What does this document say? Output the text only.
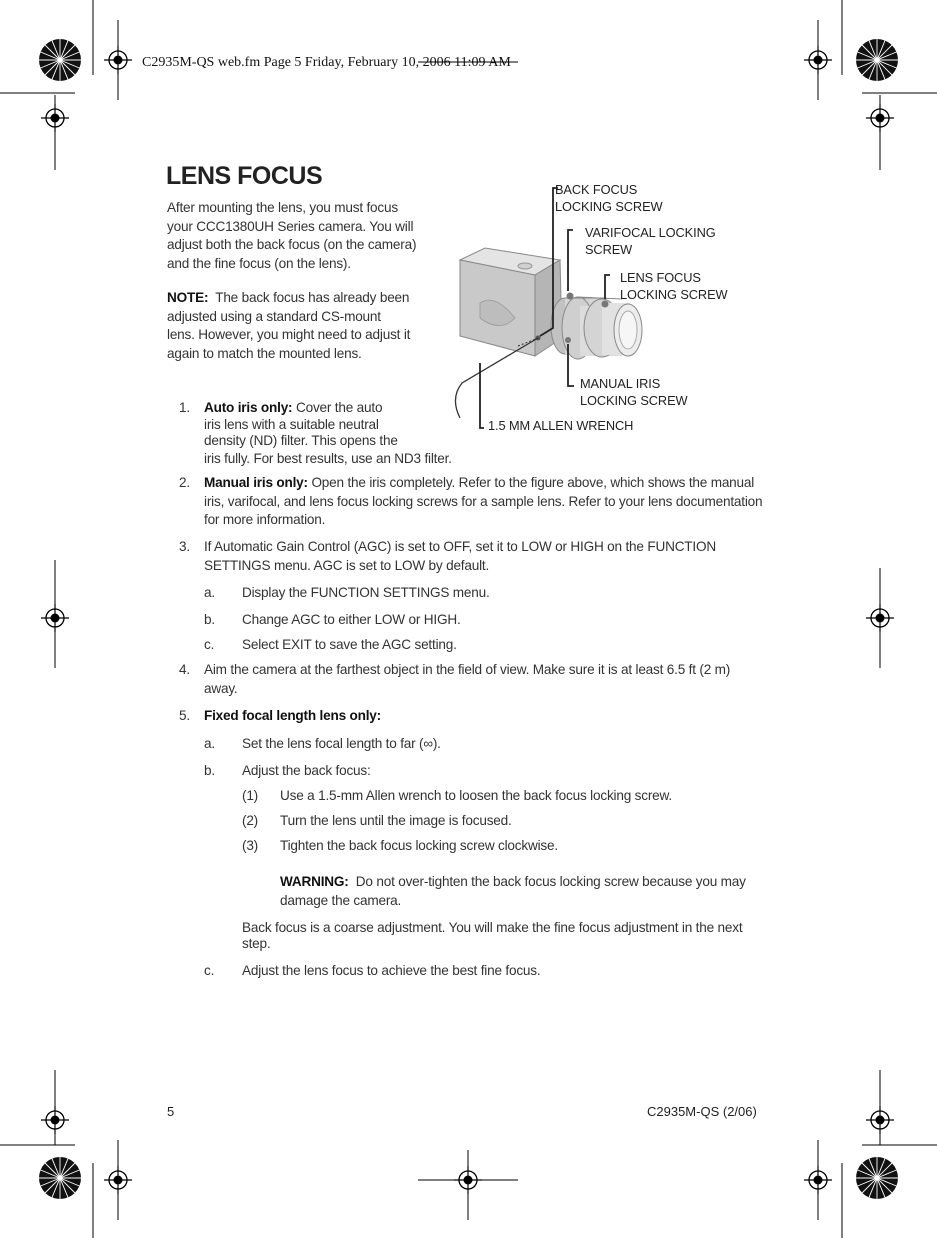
C2935M-QS web.fm Page 5 Friday, February 10, 2006 11:09 AM
LENS FOCUS
After mounting the lens, you must focus your CCC1380UH Series camera. You will adjust both the back focus (on the camera) and the fine focus (on the lens).
NOTE: The back focus has already been adjusted using a standard CS-mount lens. However, you might need to adjust it again to match the mounted lens.
BACK FOCUS
LOCKING SCREW
VARIFOCAL LOCKING
SCREW
LENS FOCUS
LOCKING SCREW
MANUAL IRIS
LOCKING SCREW
1.5 MM ALLEN WRENCH
1. Auto iris only: Cover the auto
iris lens with a suitable neutral
density (ND) filter. This opens the
iris fully. For best results, use an ND3 filter.
2. Manual iris only: Open the iris completely. Refer to the figure above, which shows the manual iris, varifocal, and lens focus locking screws for a sample lens. Refer to your lens documentation for more information.
3. If Automatic Gain Control (AGC) is set to OFF, set it to LOW or HIGH on the FUNCTION SETTINGS menu. AGC is set to LOW by default.
a. Display the FUNCTION SETTINGS menu.
b. Change AGC to either LOW or HIGH.
c. Select EXIT to save the AGC setting.
4. Aim the camera at the farthest object in the field of view. Make sure it is at least 6.5 ft (2 m) away.
5. Fixed focal length lens only:
a. Set the lens focal length to far (∞).
b. Adjust the back focus:
(1) Use a 1.5-mm Allen wrench to loosen the back focus locking screw.
(2) Turn the lens until the image is focused.
(3) Tighten the back focus locking screw clockwise.
WARNING: Do not over-tighten the back focus locking screw because you may damage the camera.
Back focus is a coarse adjustment. You will make the fine focus adjustment in the next step.
c. Adjust the lens focus to achieve the best fine focus.
5	C2935M-QS (2/06)
